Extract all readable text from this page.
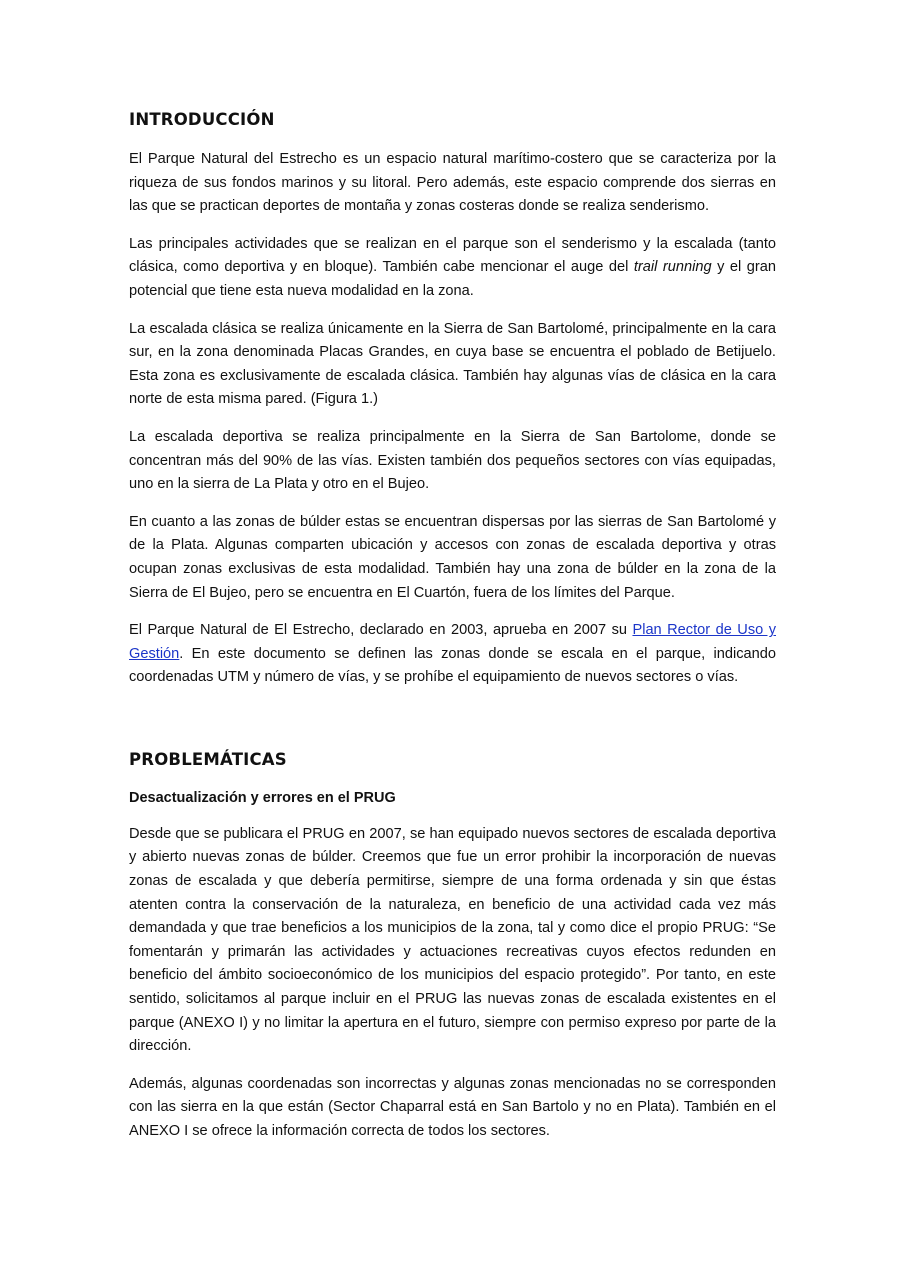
INTRODUCCIÓN

El Parque Natural del Estrecho es un espacio natural marítimo-costero que se caracteriza por la riqueza de sus fondos marinos y su litoral. Pero además, este espacio comprende dos sierras en las que se practican deportes de montaña y zonas costeras donde se realiza senderismo.

Las principales actividades que se realizan en el parque son el senderismo y la escalada (tanto clásica, como deportiva y en bloque). También cabe mencionar el auge del trail running y el gran potencial que tiene esta nueva modalidad en la zona.

La escalada clásica se realiza únicamente en la Sierra de San Bartolomé, principalmente en la cara sur, en la zona denominada Placas Grandes, en cuya base se encuentra el poblado de Betijuelo. Esta zona es exclusivamente de escalada clásica. También hay algunas vías de clásica en la cara norte de esta misma pared. (Figura 1.)

La escalada deportiva se realiza principalmente en la Sierra de San Bartolome, donde se concentran más del 90% de las vías. Existen también dos pequeños sectores con vías equipadas, uno en la sierra de La Plata y otro en el Bujeo.

En cuanto a las zonas de búlder estas se encuentran dispersas por las sierras de San Bartolomé y de la Plata. Algunas comparten ubicación y accesos con zonas de escalada deportiva y otras ocupan zonas exclusivas de esta modalidad. También hay una zona de búlder en la zona de la Sierra de El Bujeo, pero se encuentra en El Cuartón, fuera de los límites del Parque.

El Parque Natural de El Estrecho, declarado en 2003, aprueba en 2007 su Plan Rector de Uso y Gestión. En este documento se definen las zonas donde se escala en el parque, indicando coordenadas UTM y número de vías, y se prohíbe el equipamiento de nuevos sectores o vías.

PROBLEMÁTICAS
Desactualización y errores en el PRUG

Desde que se publicara el PRUG en 2007, se han equipado nuevos sectores de escalada deportiva y abierto nuevas zonas de búlder. Creemos que fue un error prohibir la incorporación de nuevas zonas de escalada y que debería permitirse, siempre de una forma ordenada y sin que éstas atenten contra la conservación de la naturaleza, en beneficio de una actividad cada vez más demandada y que trae beneficios a los municipios de la zona, tal y como dice el propio PRUG: “Se fomentarán y primarán las actividades y actuaciones recreativas cuyos efectos redunden en beneficio del ámbito socioeconómico de los municipios del espacio protegido”. Por tanto, en este sentido, solicitamos al parque incluir en el PRUG las nuevas zonas de escalada existentes en el parque (ANEXO I) y no limitar la apertura en el futuro, siempre con permiso expreso por parte de la dirección.

Además, algunas coordenadas son incorrectas y algunas zonas mencionadas no se corresponden con las sierra en la que están (Sector Chaparral está en San Bartolo y no en Plata). También en el ANEXO I se ofrece la información correcta de todos los sectores.
